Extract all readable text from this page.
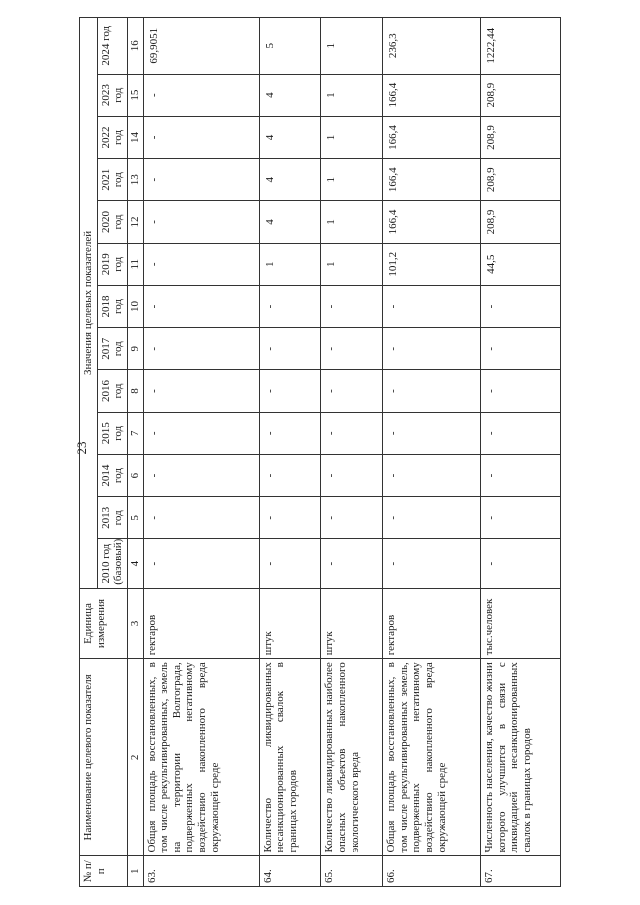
23
№ п/п	Наименование целевого показателя	Единица измерения	Значения целевых показателей												
			2010 год (базовый)	2013 год	2014 год	2015 год	2016 год	2017 год	2018 год	2019 год	2020 год	2021 год	2022 год	2023 год	2024 год
1	2	3	4	5	6	7	8	9	10	11	12	13	14	15	16
63.	Общая площадь восстановленных, в том числе рекультивированных, земель на территории Волгограда, подверженных негативному воздействию накопленного вреда окружающей среде	гектаров	-	-	-	-	-	-	-	-	-	-	-	-	69,9051
64.	Количество ликвидированных несанкционированных свалок в границах городов	штук	-	-	-	-	-	-	-	1	4	4	4	4	5
65.	Количество ликвидированных наиболее опасных объектов накопленного экологического вреда	штук	-	-	-	-	-	-	-	1	1	1	1	1	1
66.	Общая площадь восстановленных, в том числе рекультивированных земель, подверженных негативному воздействию накопленного вреда окружающей среде	гектаров	-	-	-	-	-	-	-	101,2	166,4	166,4	166,4	166,4	236,3
67.	Численность населения, качество жизни которого улучшится в связи с ликвидацией несанкционированных свалок в границах городов	тыс.человек	-	-	-	-	-	-	-	44,5	208,9	208,9	208,9	208,9	1222,44
